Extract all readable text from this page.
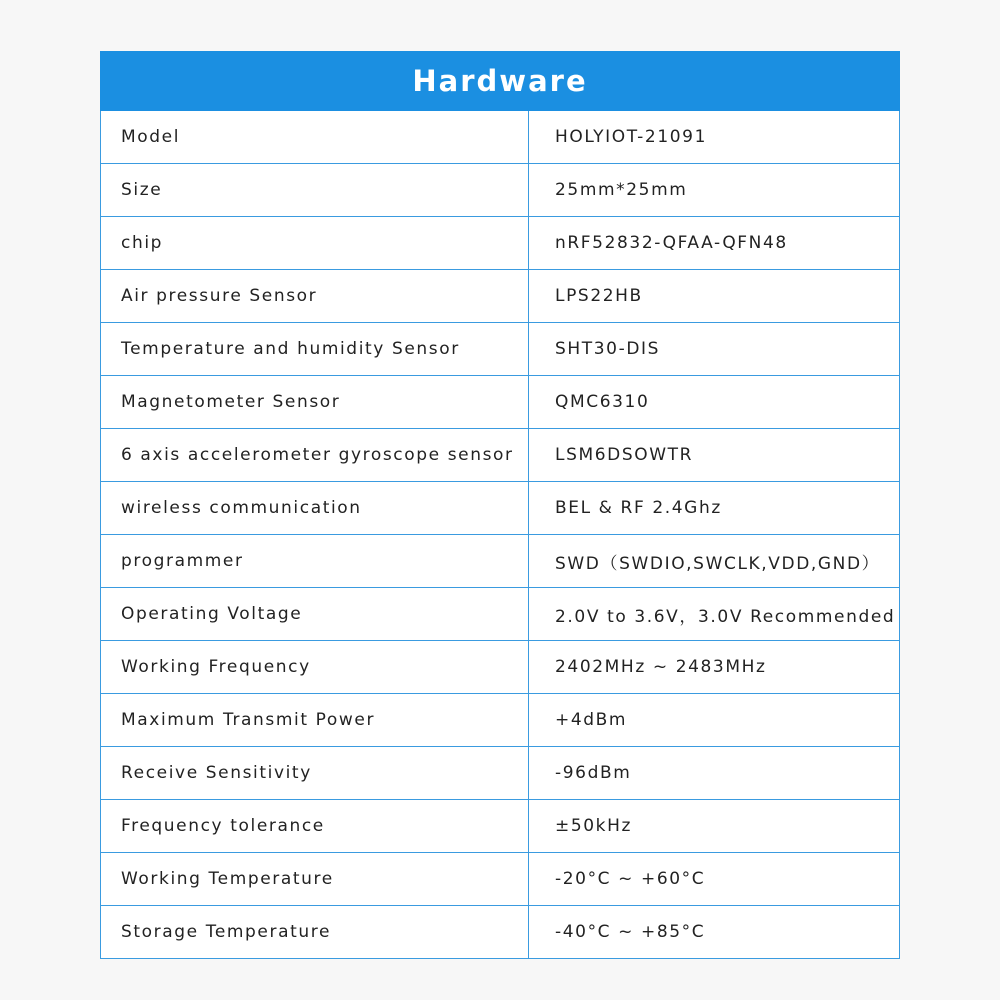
Hardware
Model	HOLYIOT-21091
Size	25mm*25mm
chip	nRF52832-QFAA-QFN48
Air pressure Sensor	LPS22HB
Temperature and humidity Sensor	SHT30-DIS
Magnetometer Sensor	QMC6310
6 axis accelerometer gyroscope sensor	LSM6DSOWTR
wireless communication	BEL & RF 2.4Ghz
programmer	SWD（SWDIO,SWCLK,VDD,GND）
Operating Voltage	2.0V to 3.6V，3.0V Recommended
Working Frequency	2402MHz ~ 2483MHz
Maximum Transmit Power	+4dBm
Receive Sensitivity	-96dBm
Frequency tolerance	±50kHz
Working Temperature	-20°C ~ +60°C
Storage Temperature	-40°C ~ +85°C
